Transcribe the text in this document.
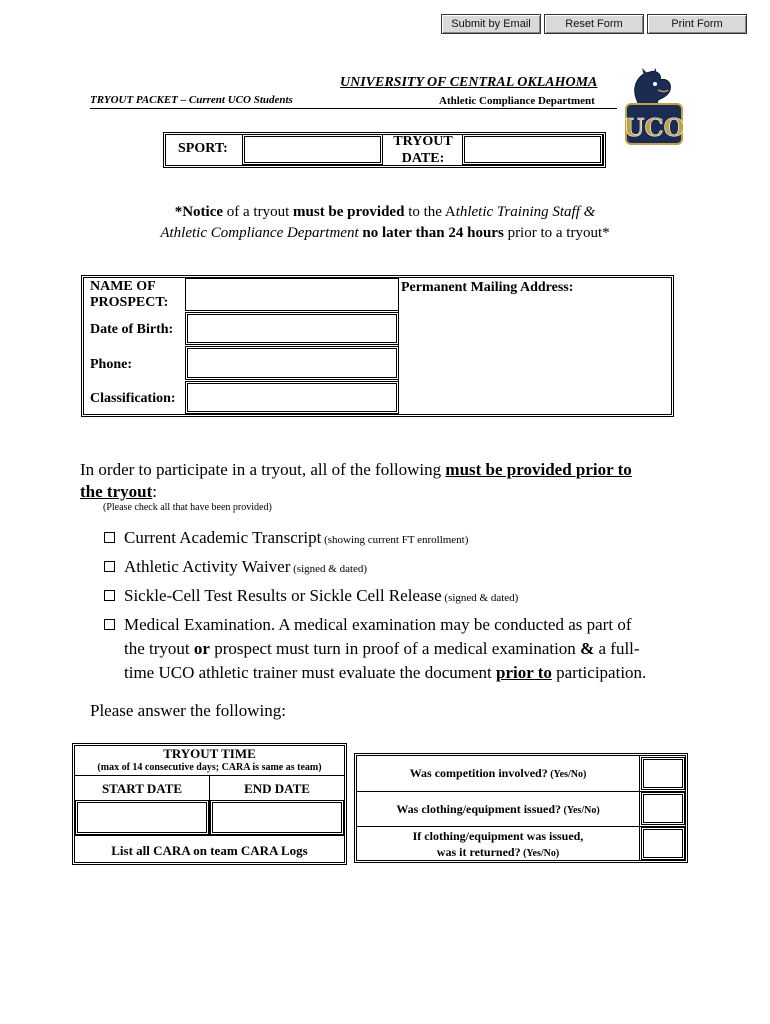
Submit by Email	Reset Form	Print Form
UNIVERSITY OF CENTRAL OKLAHOMA
TRYOUT PACKET – Current UCO Students	Athletic Compliance Department
UCO
SPORT:	TRYOUT
DATE:
*Notice of a tryout must be provided to the Athletic Training Staff &
Athletic Compliance Department no later than 24 hours prior to a tryout*
NAME OF
PROSPECT:
Date of Birth:
Phone:
Classification:
Permanent Mailing Address:
In order to participate in a tryout, all of the following must be provided prior to
the tryout:
(Please check all that have been provided)
Current Academic Transcript (showing current FT enrollment)
Athletic Activity Waiver (signed & dated)
Sickle-Cell Test Results or Sickle Cell Release (signed & dated)
Medical Examination. A medical examination may be conducted as part of
the tryout or prospect must turn in proof of a medical examination & a full-
time UCO athletic trainer must evaluate the document prior to participation.
Please answer the following:
TRYOUT TIME
(max of 14 consecutive days; CARA is same as team)
START DATE	END DATE
List all CARA on team CARA Logs
Was competition involved? (Yes/No)
Was clothing/equipment issued? (Yes/No)
If clothing/equipment was issued,
was it returned? (Yes/No)
